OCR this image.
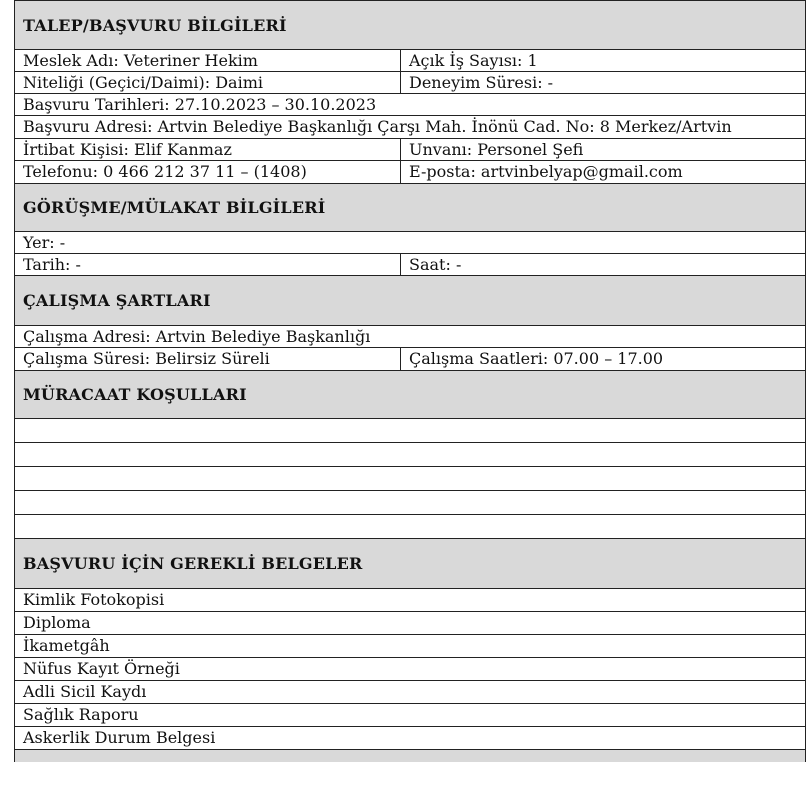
TALEP/BAŞVURU BİLGİLERİ
Meslek Adı: Veteriner Hekim	Açık İş Sayısı: 1
Niteliği (Geçici/Daimi): Daimi	Deneyim Süresi: -
Başvuru Tarihleri: 27.10.2023 – 30.10.2023
Başvuru Adresi: Artvin Belediye Başkanlığı Çarşı Mah. İnönü Cad. No: 8 Merkez/Artvin
İrtibat Kişisi: Elif Kanmaz	Unvanı: Personel Şefi
Telefonu: 0 466 212 37 11 – (1408)	E-posta: artvinbelyap@gmail.com
GÖRÜŞME/MÜLAKAT BİLGİLERİ
Yer: -
Tarih: -	Saat: -
ÇALIŞMA ŞARTLARI
Çalışma Adresi: Artvin Belediye Başkanlığı
Çalışma Süresi: Belirsiz Süreli	Çalışma Saatleri: 07.00 – 17.00
MÜRACAAT KOŞULLARI
BAŞVURU İÇİN GEREKLİ BELGELER
Kimlik Fotokopisi
Diploma
İkametgâh
Nüfus Kayıt Örneği
Adli Sicil Kaydı
Sağlık Raporu
Askerlik Durum Belgesi
